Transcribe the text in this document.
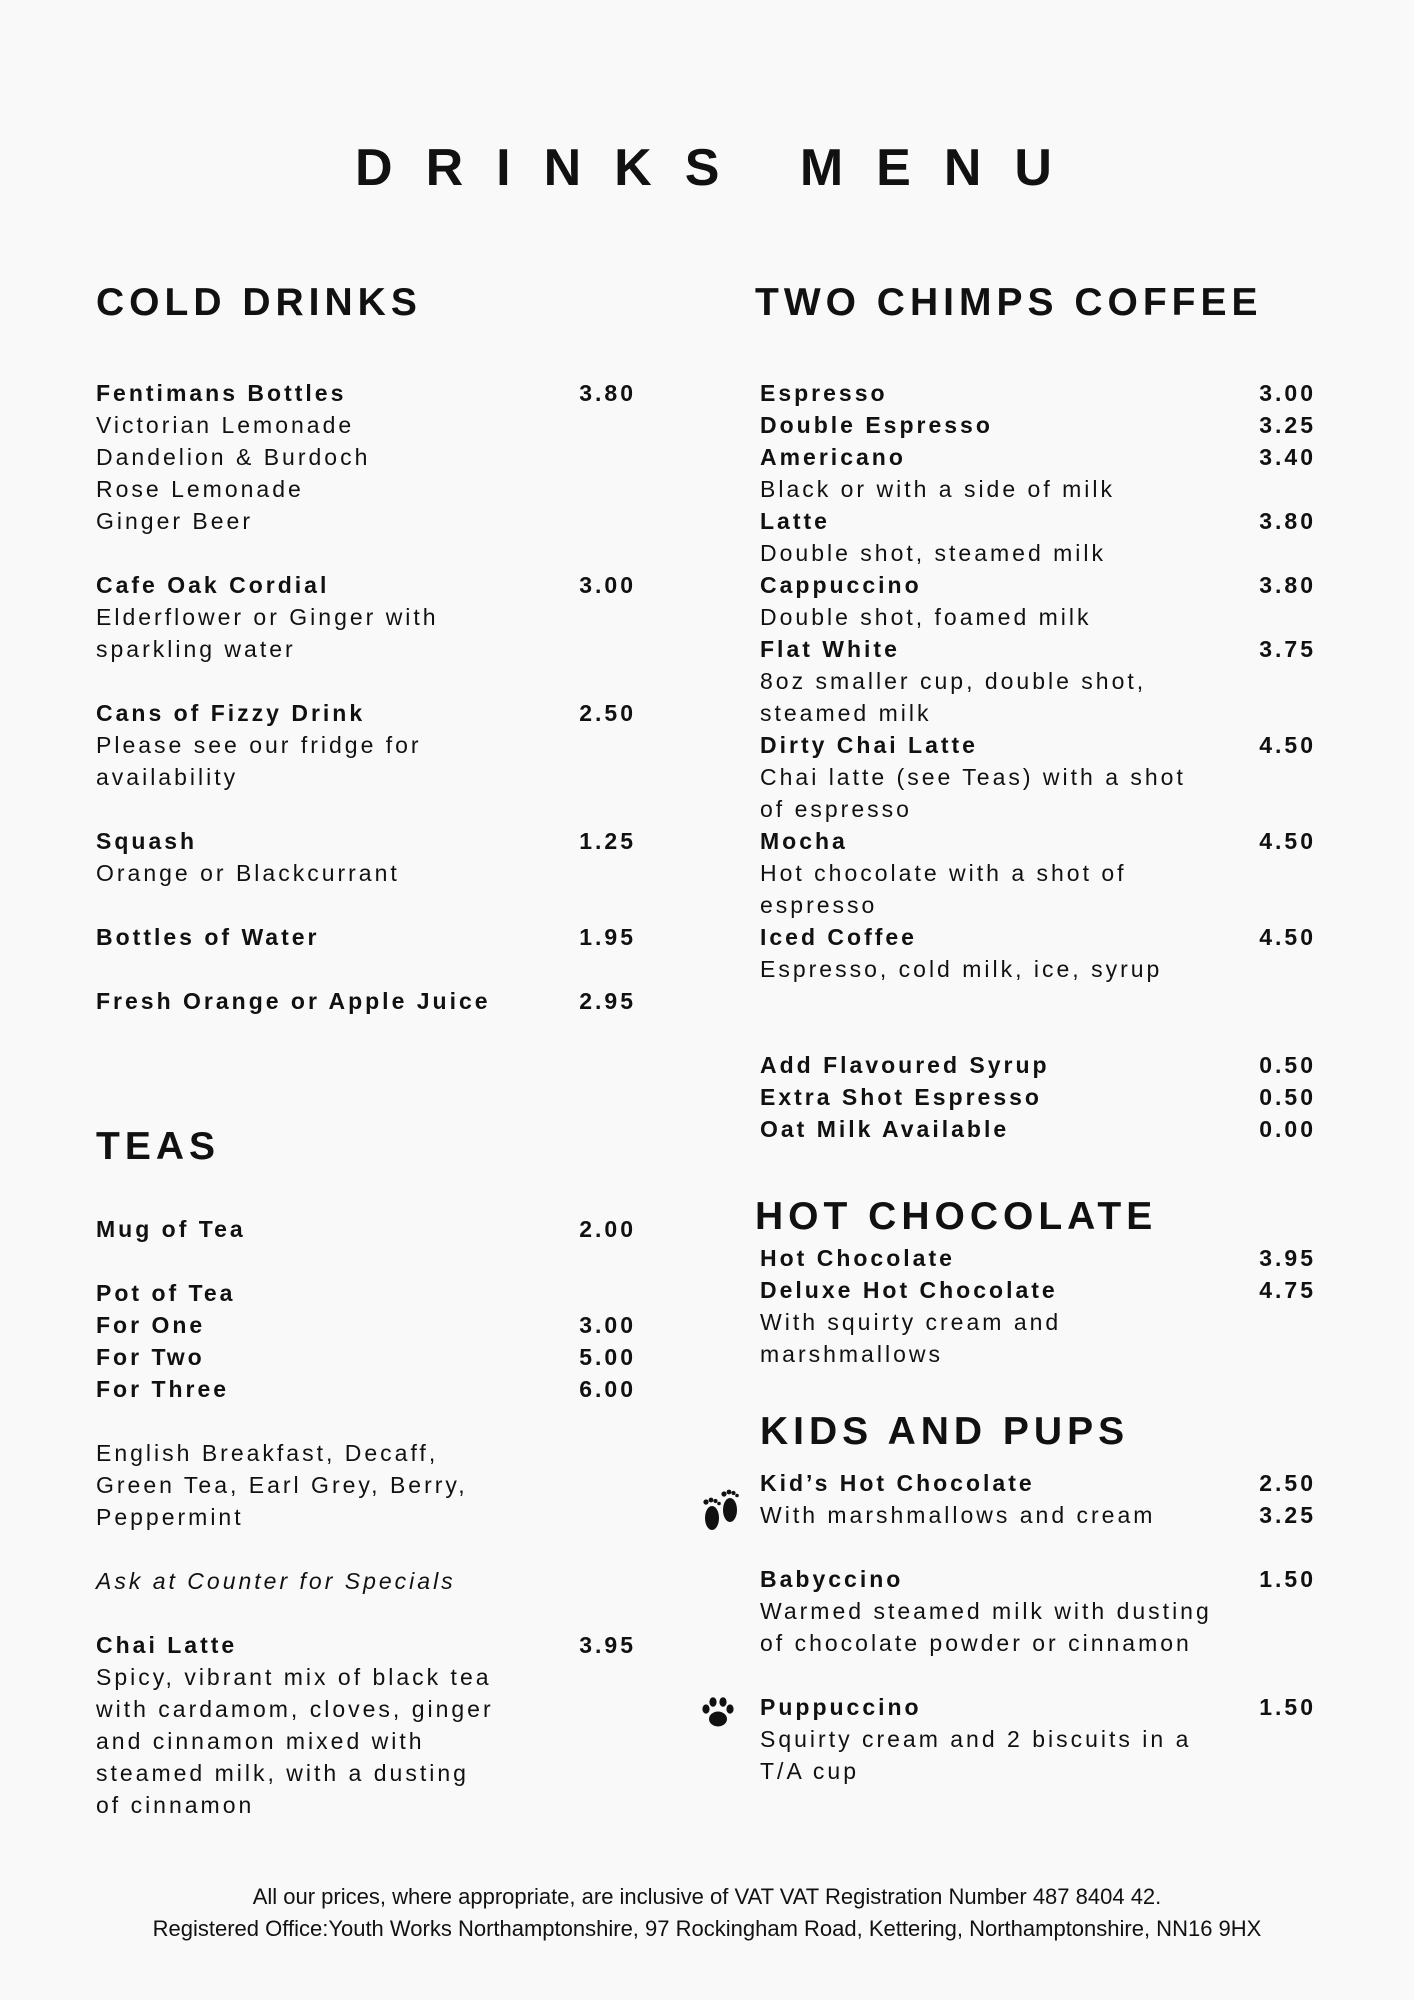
DRINKS MENU
COLD DRINKS
Fentimans Bottles	3.80
Victorian Lemonade
Dandelion & Burdoch
Rose Lemonade
Ginger Beer
Cafe Oak Cordial	3.00
Elderflower or Ginger with
sparkling water
Cans of Fizzy Drink	2.50
Please see our fridge for
availability
Squash	1.25
Orange or Blackcurrant
Bottles of Water	1.95
Fresh Orange or Apple Juice	2.95
TEAS
Mug of Tea	2.00
Pot of Tea
For One	3.00
For Two	5.00
For Three	6.00
English Breakfast, Decaff,
Green Tea, Earl Grey, Berry,
Peppermint
Ask at Counter for Specials
Chai Latte	3.95
Spicy, vibrant mix of black tea
with cardamom, cloves, ginger
and cinnamon mixed with
steamed milk, with a dusting
of cinnamon
TWO CHIMPS COFFEE
Espresso	3.00
Double Espresso	3.25
Americano	3.40
Black or with a side of milk
Latte	3.80
Double shot, steamed milk
Cappuccino	3.80
Double shot, foamed milk
Flat White	3.75
8oz smaller cup, double shot,
steamed milk
Dirty Chai Latte	4.50
Chai latte (see Teas) with a shot
of espresso
Mocha	4.50
Hot chocolate with a shot of
espresso
Iced Coffee	4.50
Espresso, cold milk, ice, syrup
Add Flavoured Syrup	0.50
Extra Shot Espresso	0.50
Oat Milk Available	0.00
HOT CHOCOLATE
Hot Chocolate	3.95
Deluxe Hot Chocolate	4.75
With squirty cream and
marshmallows
KIDS AND PUPS
Kid’s Hot Chocolate	2.50
With marshmallows and cream	3.25
Babyccino	1.50
Warmed steamed milk with dusting
of chocolate powder or cinnamon
Puppuccino	1.50
Squirty cream and 2 biscuits in a
T/A cup
All our prices, where appropriate, are inclusive of VAT VAT Registration Number 487 8404 42.
Registered Office:Youth Works Northamptonshire, 97 Rockingham Road, Kettering, Northamptonshire, NN16 9HX
